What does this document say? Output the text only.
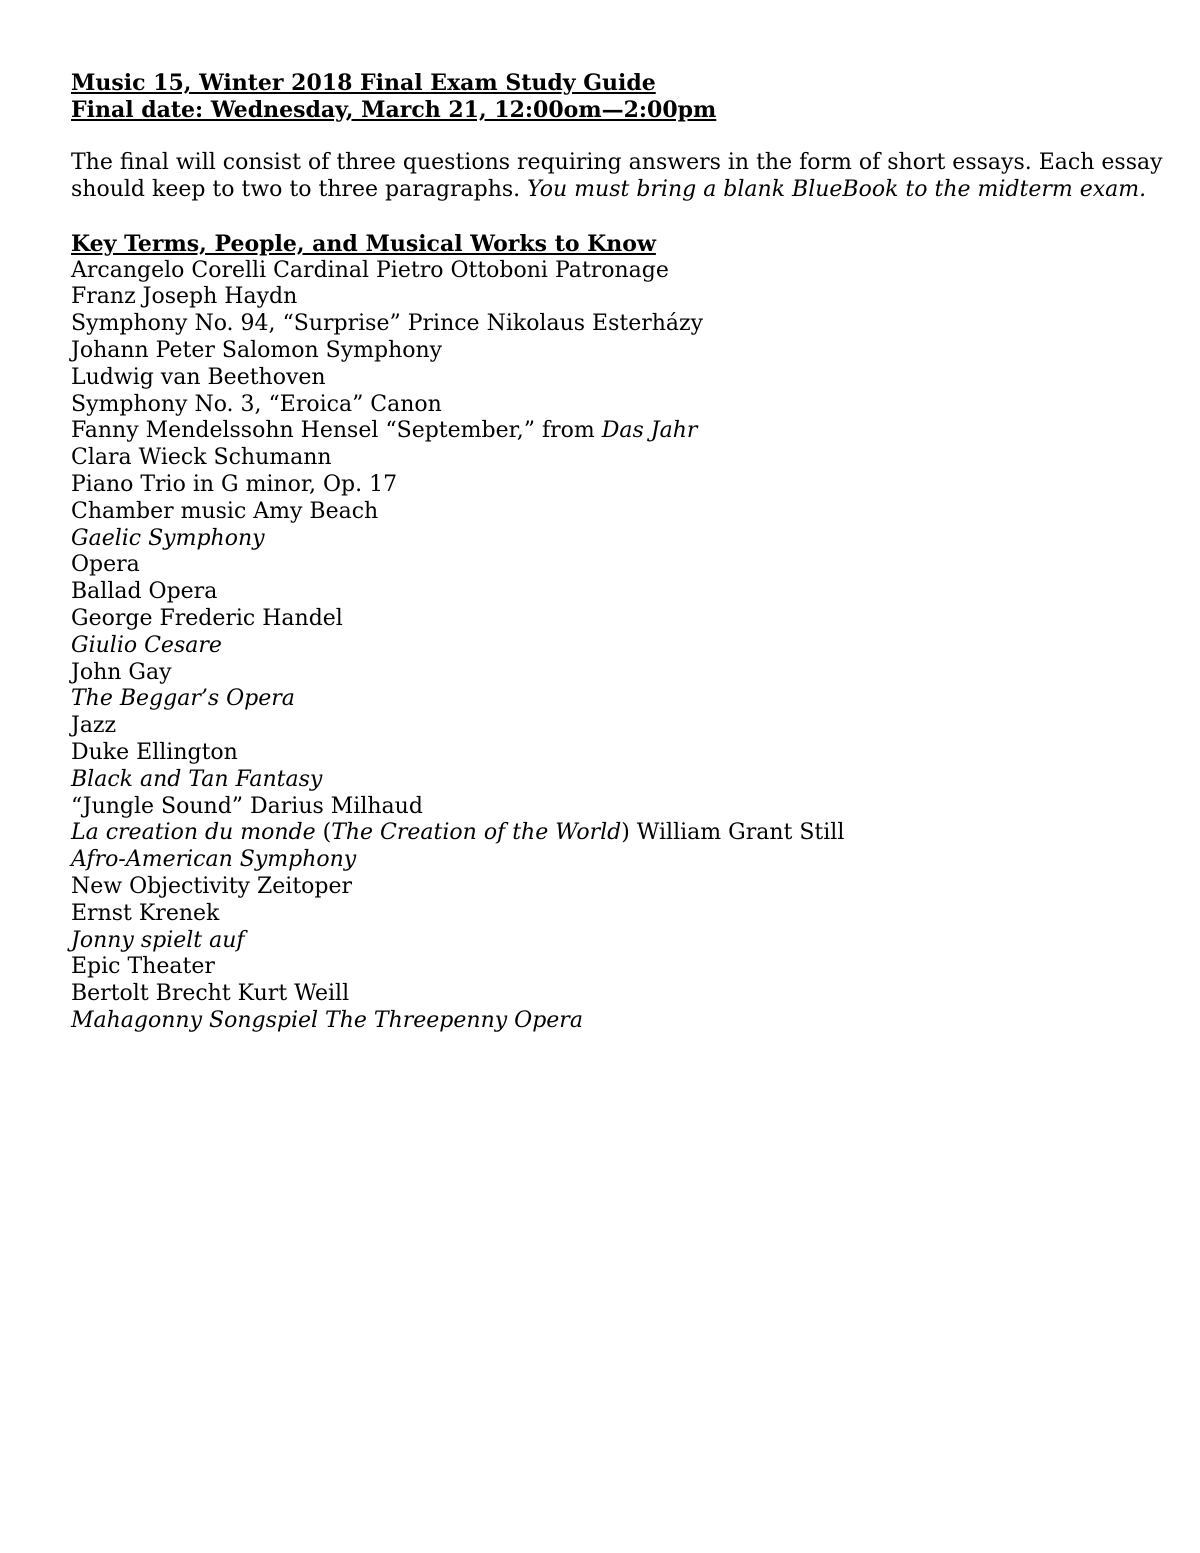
Music 15, Winter 2018 Final Exam Study Guide
Final date: Wednesday, March 21, 12:00om—2:00pm
The final will consist of three questions requiring answers in the form of short essays. Each essay
should keep to two to three paragraphs. You must bring a blank BlueBook to the midterm exam.
Key Terms, People, and Musical Works to Know
Arcangelo Corelli Cardinal Pietro Ottoboni Patronage
Franz Joseph Haydn
Symphony No. 94, “Surprise” Prince Nikolaus Esterházy
Johann Peter Salomon Symphony
Ludwig van Beethoven
Symphony No. 3, “Eroica” Canon
Fanny Mendelssohn Hensel “September,” from Das Jahr
Clara Wieck Schumann
Piano Trio in G minor, Op. 17
Chamber music Amy Beach
Gaelic Symphony
Opera
Ballad Opera
George Frederic Handel
Giulio Cesare
John Gay
The Beggar’s Opera
Jazz
Duke Ellington
Black and Tan Fantasy
“Jungle Sound” Darius Milhaud
La creation du monde (The Creation of the World) William Grant Still
Afro-American Symphony
New Objectivity Zeitoper
Ernst Krenek
Jonny spielt auf
Epic Theater
Bertolt Brecht Kurt Weill
Mahagonny Songspiel The Threepenny Opera
